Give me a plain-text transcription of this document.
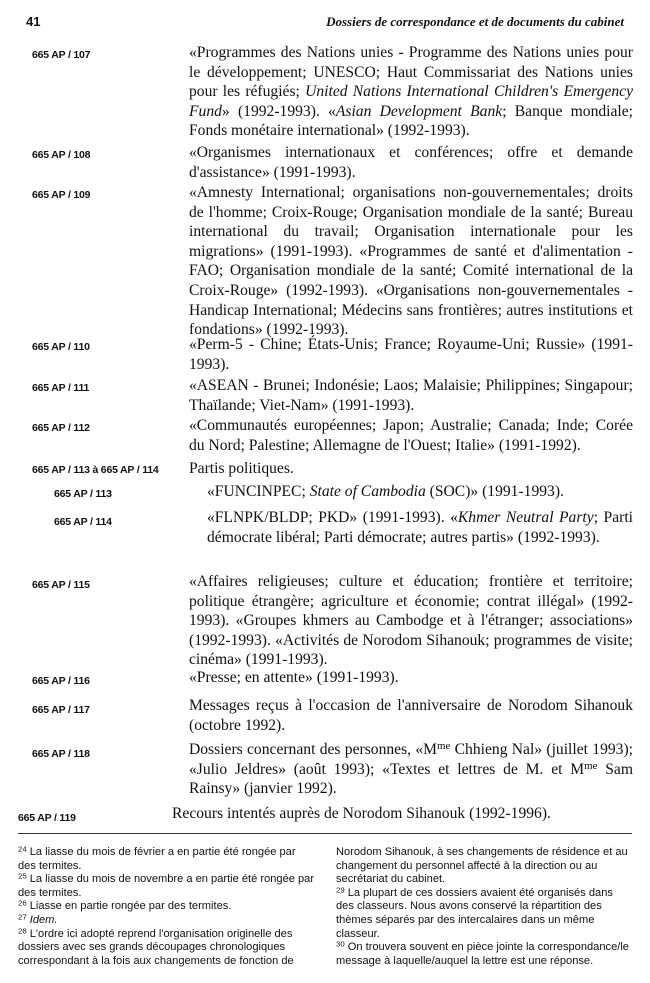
41	Dossiers de correspondance et de documents du cabinet
665 AP / 107	«Programmes des Nations unies - Programme des Nations unies pour le développement; UNESCO; Haut Commissariat des Nations unies pour les réfugiés; United Nations International Children's Emergency Fund» (1992-1993). «Asian Development Bank; Banque mondiale; Fonds monétaire international» (1992-1993).
665 AP / 108	«Organismes internationaux et conférences; offre et demande d'assistance» (1991-1993).
665 AP / 109	«Amnesty International; organisations non-gouvernementales; droits de l'homme; Croix-Rouge; Organisation mondiale de la santé; Bureau international du travail; Organisation internationale pour les migrations» (1991-1993). «Programmes de santé et d'alimentation - FAO; Organisation mondiale de la santé; Comité international de la Croix-Rouge» (1992-1993). «Organisations non-gouvernementales - Handicap International; Médecins sans frontières; autres institutions et fondations» (1992-1993).
665 AP / 110	«Perm-5 - Chine; États-Unis; France; Royaume-Uni; Russie» (1991-1993).
665 AP / 111	«ASEAN - Brunei; Indonésie; Laos; Malaisie; Philippines; Singapour; Thaïlande; Viet-Nam» (1991-1993).
665 AP / 112	«Communautés européennes; Japon; Australie; Canada; Inde; Corée du Nord; Palestine; Allemagne de l'Ouest; Italie» (1991-1992).
665 AP / 113 à 665 AP / 114 Partis politiques.
665 AP / 113	«FUNCINPEC; State of Cambodia (SOC)» (1991-1993).
665 AP / 114	«FLNPK/BLDP; PKD» (1991-1993). «Khmer Neutral Party; Parti démocrate libéral; Parti démocrate; autres partis» (1992-1993).
665 AP / 115	«Affaires religieuses; culture et éducation; frontière et territoire; politique étrangère; agriculture et économie; contrat illégal» (1992-1993). «Groupes khmers au Cambodge et à l'étranger; associations» (1992-1993). «Activités de Norodom Sihanouk; programmes de visite; cinéma» (1991-1993).
665 AP / 116	«Presse; en attente» (1991-1993).
665 AP / 117	Messages reçus à l'occasion de l'anniversaire de Norodom Sihanouk (octobre 1992).
665 AP / 118	Dossiers concernant des personnes, «$M^{me}$ Chhieng Nal» (juillet 1993); «Julio Jeldres» (août 1993); «Textes et lettres de M. et $M^{me}$ Sam Rainsy» (janvier 1992).
665 AP / 119	Recours intentés auprès de Norodom Sihanouk (1992-1996).

$^{24}$ La liasse du mois de février a en partie été rongée par des termites.

$^{25}$ La liasse du mois de novembre a en partie été rongée par des termites.

$^{26}$ Liasse en partie rongée par des termites.

$^{27}$ Idem.

$^{28}$ L'ordre ici adopté reprend l'organisation originelle des dossiers avec ses grands découpages chronologiques correspondant à la fois aux changements de fonction de

Norodom Sihanouk, à ses changements de résidence et au changement du personnel affecté à la direction ou au secrétariat du cabinet.

$^{29}$ La plupart de ces dossiers avaient été organisés dans des classeurs. Nous avons conservé la répartition des thèmes séparés par des intercalaires dans un même classeur.

$^{30}$ On trouvera souvent en pièce jointe la correspondance/le message à laquelle/auquel la lettre est une réponse.
